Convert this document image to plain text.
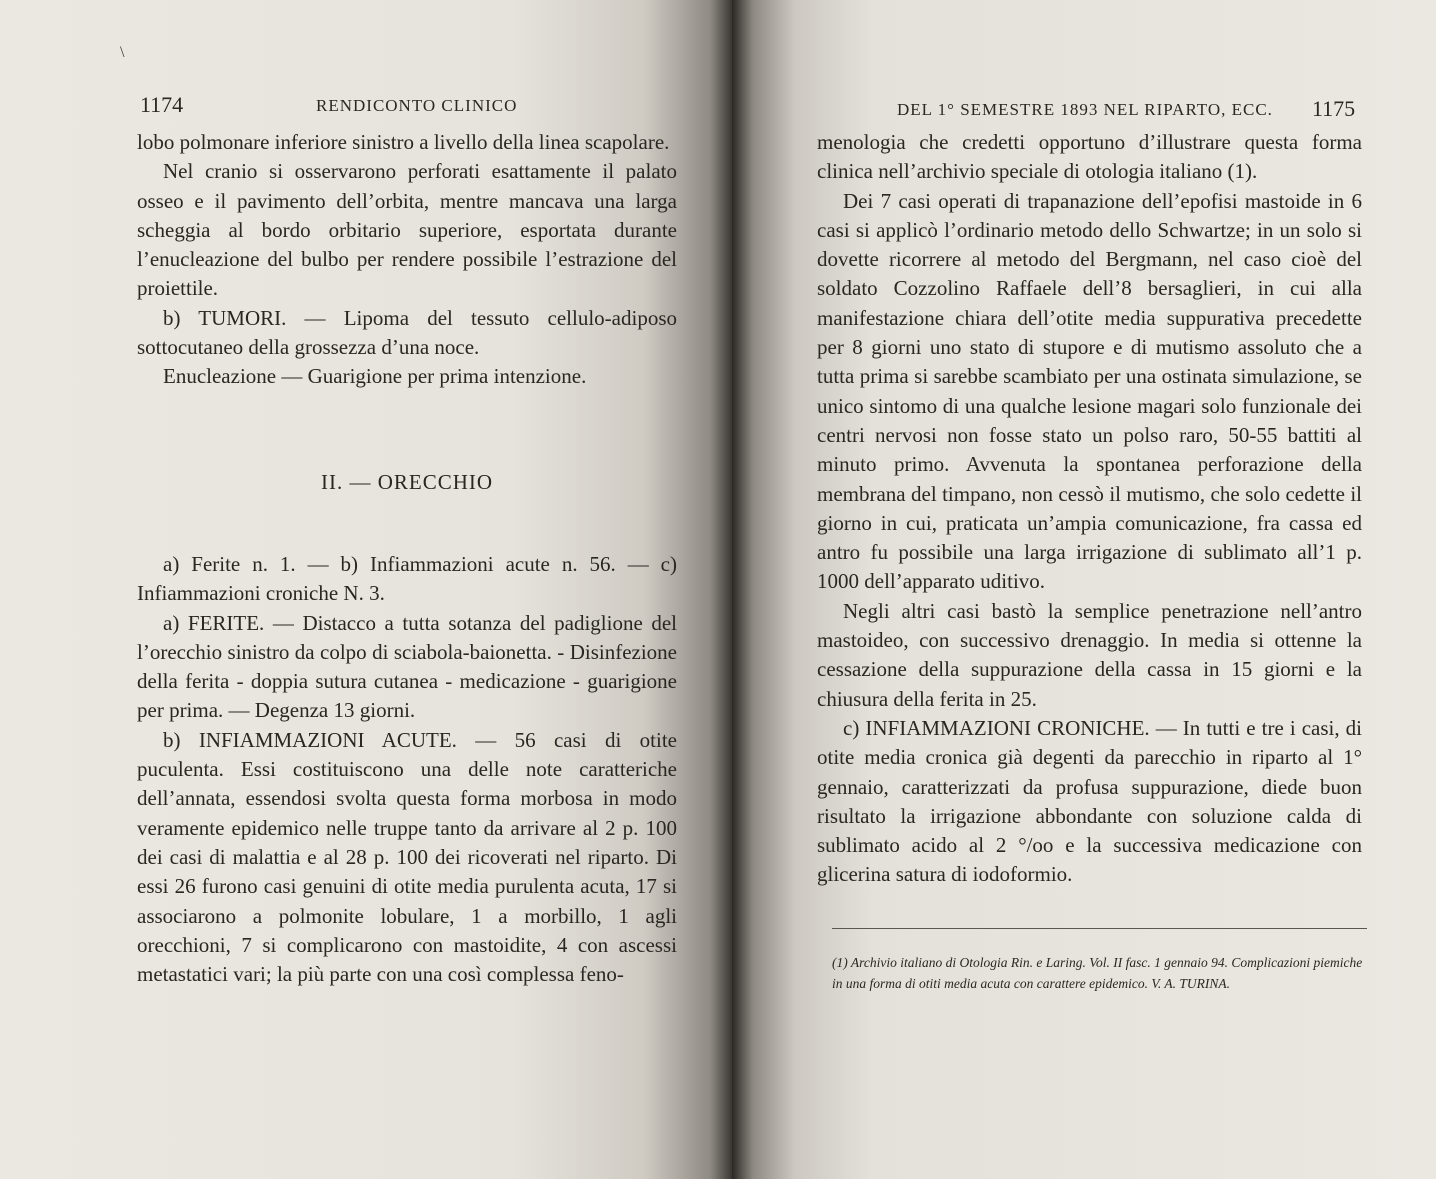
\
1174	RENDICONTO CLINICO

lobo polmonare inferiore sinistro a livello della linea scapolare.

Nel cranio si osservarono perforati esattamente il palato osseo e il pavimento dell’orbita, mentre mancava una larga scheggia al bordo orbitario superiore, esportata durante l’enucleazione del bulbo per rendere possibile l’estrazione del proiettile.

b) TUMORI. — Lipoma del tessuto cellulo-adiposo sottocutaneo della grossezza d’una noce.

Enucleazione — Guarigione per prima intenzione.

II. — ORECCHIO

a) Ferite n. 1. — b) Infiammazioni acute n. 56. — c) Infiammazioni croniche N. 3.

a) FERITE. — Distacco a tutta sotanza del padiglione del l’orecchio sinistro da colpo di sciabola-baionetta. - Disinfezione della ferita - doppia sutura cutanea - medicazione - guarigione per prima. — Degenza 13 giorni.

b) INFIAMMAZIONI ACUTE. — 56 casi di otite puculenta. Essi costituiscono una delle note caratteriche dell’annata, essendosi svolta questa forma morbosa in modo veramente epidemico nelle truppe tanto da arrivare al 2 p. 100 dei casi di malattia e al 28 p. 100 dei ricoverati nel riparto. Di essi 26 furono casi genuini di otite media purulenta acuta, 17 si associarono a polmonite lobulare, 1 a morbillo, 1 agli orecchioni, 7 si complicarono con mastoidite, 4 con ascessi metastatici vari; la più parte con una così complessa feno-

DEL 1° SEMESTRE 1893 NEL RIPARTO, ECC. 1175

menologia che credetti opportuno d’illustrare questa forma clinica nell’archivio speciale di otologia italiano (1).

Dei 7 casi operati di trapanazione dell’epofisi mastoide in 6 casi si applicò l’ordinario metodo dello Schwartze; in un solo si dovette ricorrere al metodo del Bergmann, nel caso cioè del soldato Cozzolino Raffaele dell’8 bersaglieri, in cui alla manifestazione chiara dell’otite media suppurativa precedette per 8 giorni uno stato di stupore e di mutismo assoluto che a tutta prima si sarebbe scambiato per una ostinata simulazione, se unico sintomo di una qualche lesione magari solo funzionale dei centri nervosi non fosse stato un polso raro, 50-55 battiti al minuto primo. Avvenuta la spontanea perforazione della membrana del timpano, non cessò il mutismo, che solo cedette il giorno in cui, praticata un’ampia comunicazione, fra cassa ed antro fu possibile una larga irrigazione di sublimato all’1 p. 1000 dell’apparato uditivo.

Negli altri casi bastò la semplice penetrazione nell’antro mastoideo, con successivo drenaggio. In media si ottenne la cessazione della suppurazione della cassa in 15 giorni e la chiusura della ferita in 25.

c) INFIAMMAZIONI CRONICHE. — In tutti e tre i casi, di otite media cronica già degenti da parecchio in riparto al 1° gennaio, caratterizzati da profusa suppurazione, diede buon risultato la irrigazione abbondante con soluzione calda di sublimato acido al 2 °/oo e la successiva medicazione con glicerina satura di iodoformio.

(1) Archivio italiano di Otologia Rin. e Laring. Vol. II fasc. 1 gennaio 94. Complicazioni piemiche in una forma di otiti media acuta con carattere epidemico. V. A. TURINA.
